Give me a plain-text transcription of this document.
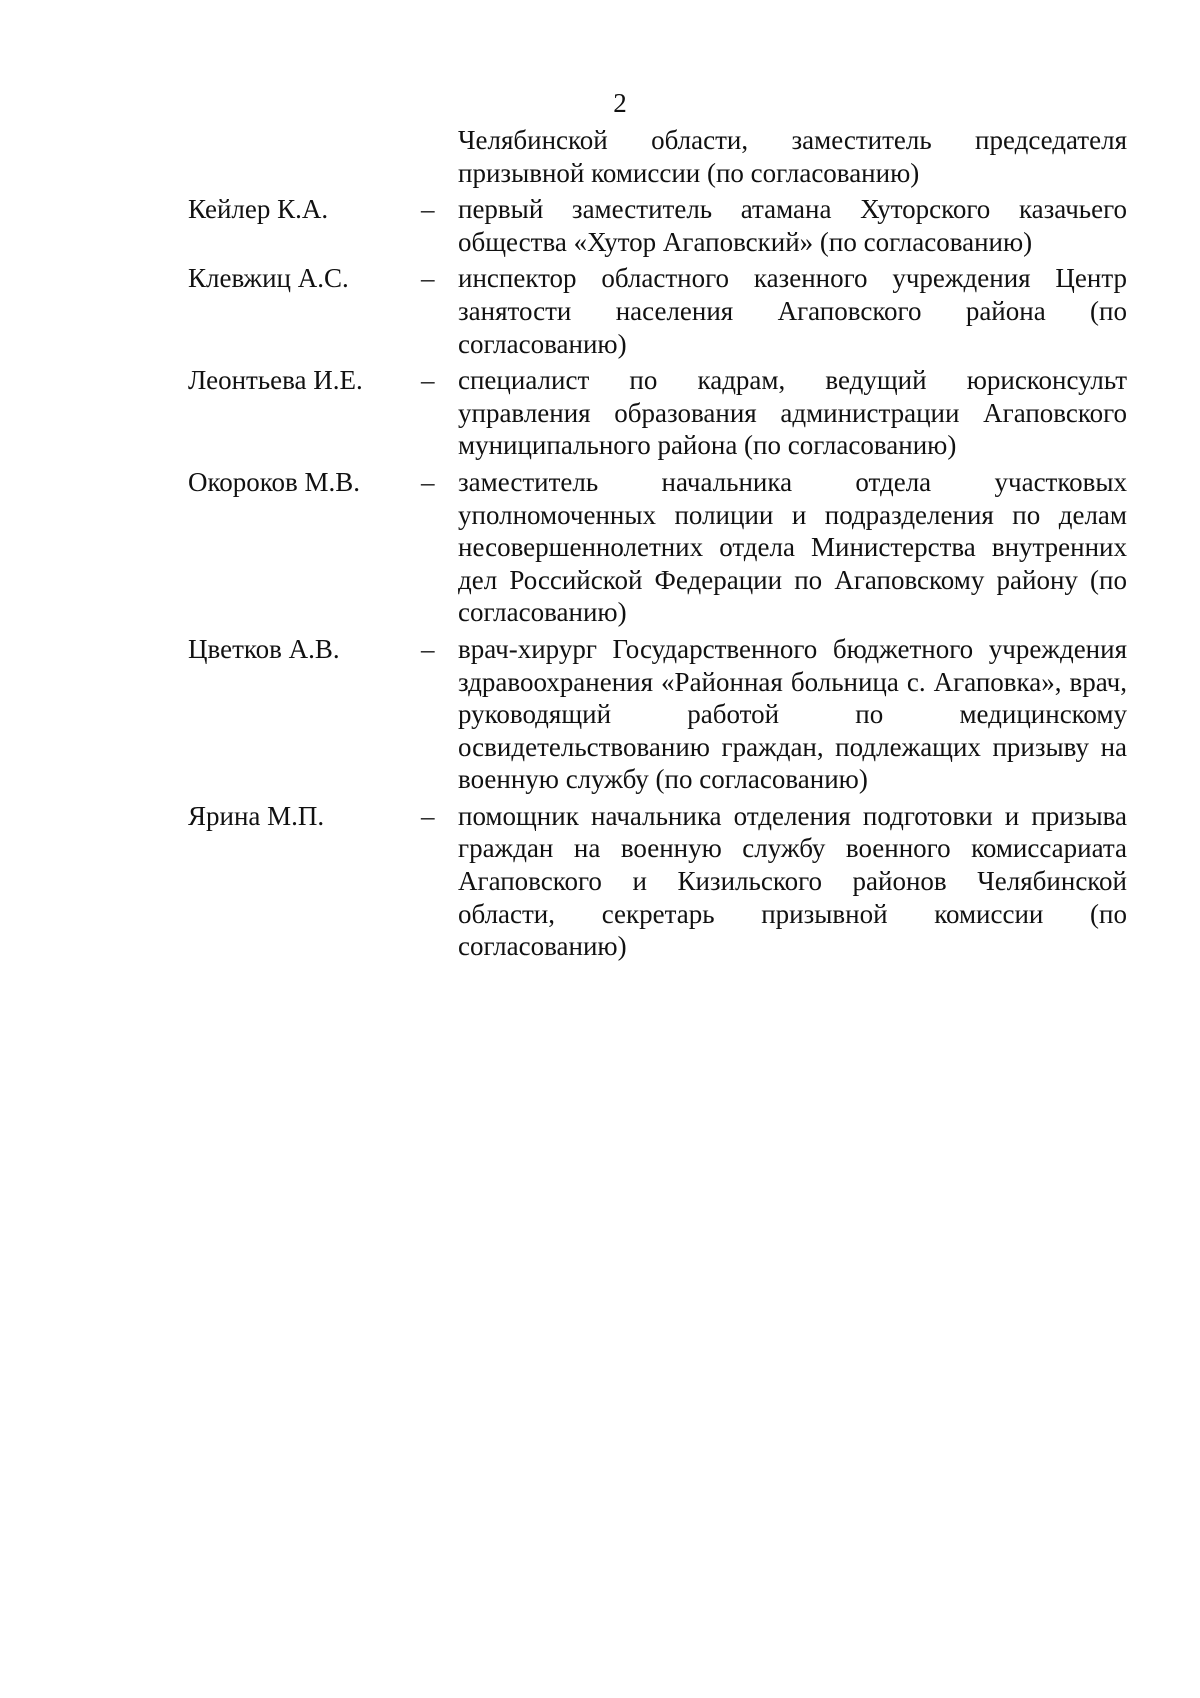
2
Челябинской области, заместитель председателя призывной комиссии (по согласованию)
Кейлер К.А.	– первый заместитель атамана Хуторского казачьего общества «Хутор Агаповский» (по согласованию)
Клевжиц А.С.	– инспектор областного казенного учреждения Центр занятости населения Агаповского района (по согласованию)
Леонтьева И.Е. – специалист по кадрам, ведущий юрисконсульт управления образования администрации Агаповского муниципального района (по согласованию)
Окороков М.В. – заместитель начальника отдела участковых уполномоченных полиции и подразделения по делам несовершеннолетних отдела Министерства внутренних дел Российской Федерации по Агаповскому району (по согласованию)
Цветков А.В.	– врач-хирург Государственного бюджетного учреждения здравоохранения «Районная больница с. Агаповка», врач, руководящий работой по медицинскому освидетельствованию граждан, подлежащих призыву на военную службу (по согласованию)
Ярина М.П.	– помощник начальника отделения подготовки и призыва граждан на военную службу военного комиссариата Агаповского и Кизильского районов Челябинской области, секретарь призывной комиссии (по согласованию)
